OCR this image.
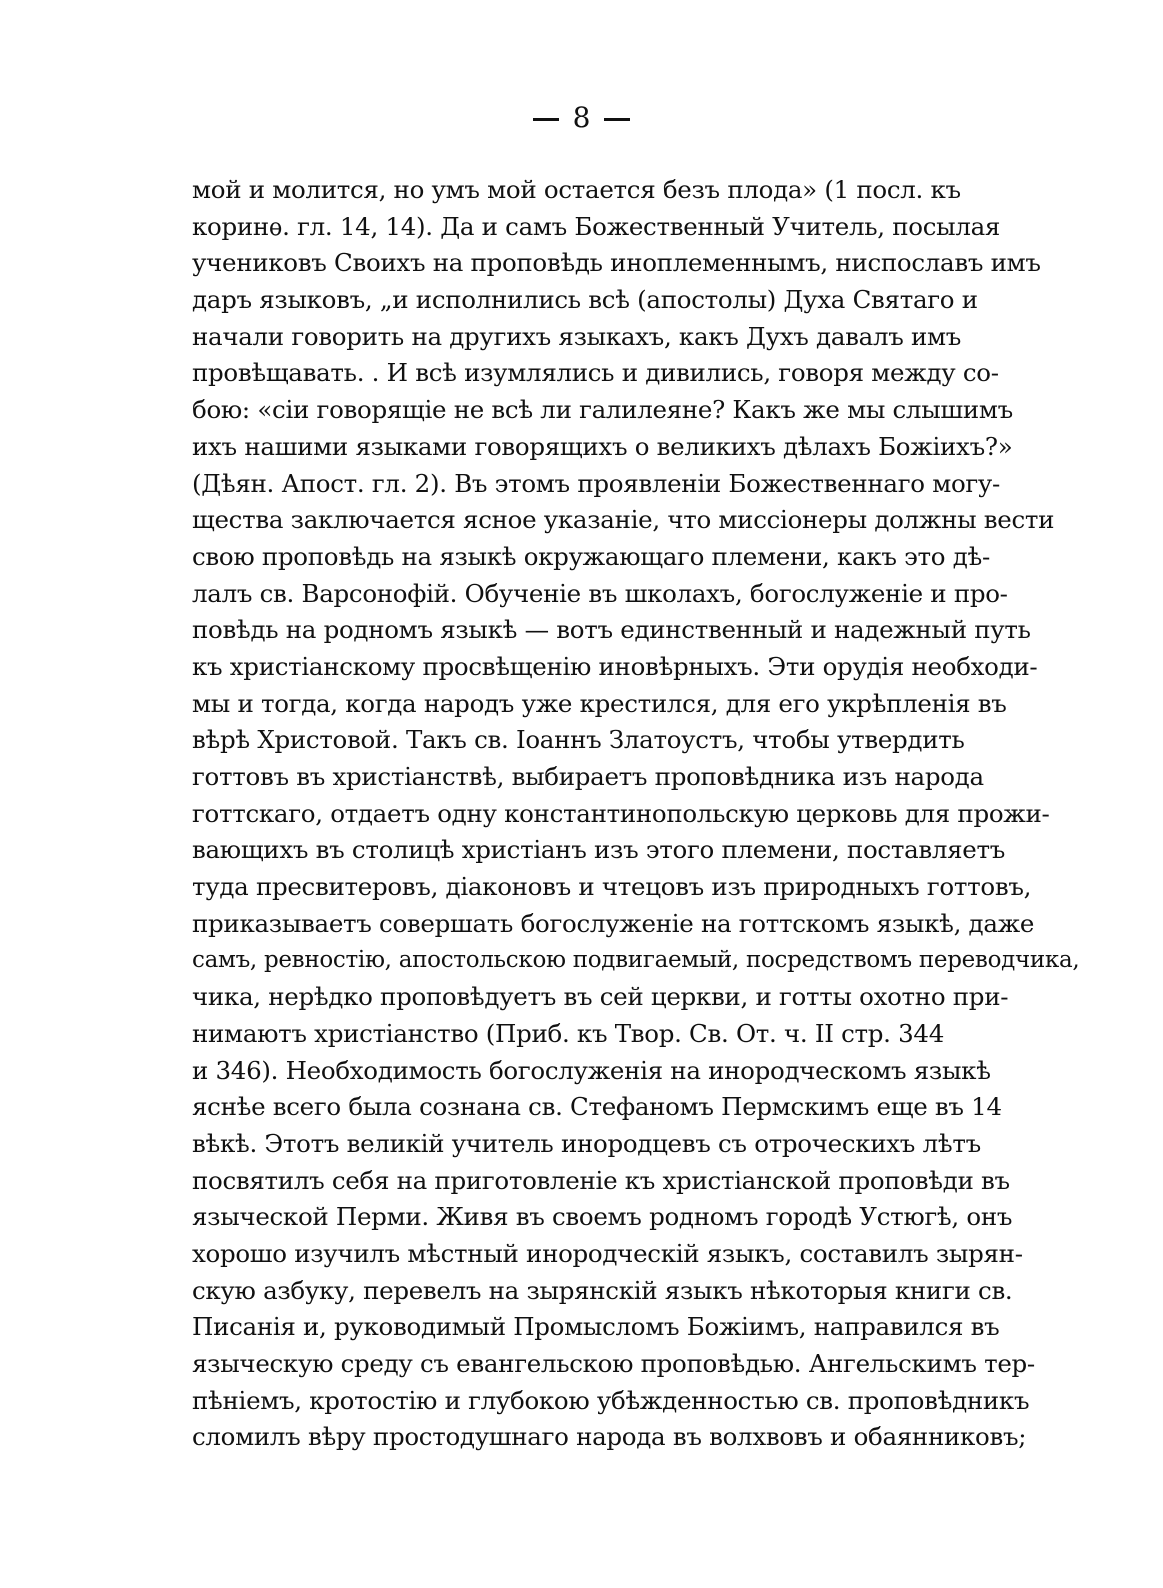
8
мой и молится, но умъ мой остается безъ плода» (1 посл. къ
коринѳ. гл. 14, 14). Да и самъ Божественный Учитель, посылая
учениковъ Своихъ на проповѣдь иноплеменнымъ, ниспославъ имъ
даръ языковъ, „и исполнились всѣ (апостолы) Духа Святаго и
начали говорить на другихъ языкахъ, какъ Духъ давалъ имъ
провѣщавать. . И всѣ изумлялись и дивились, говоря между со-
бою: «сіи говорящіе не всѣ ли галилеяне? Какъ же мы слышимъ
ихъ нашими языками говорящихъ о великихъ дѣлахъ Божіихъ?»
(Дѣян. Апост. гл. 2). Въ этомъ проявленіи Божественнаго могу-
щества заключается ясное указаніе, что миссіонеры должны вести
свою проповѣдь на языкѣ окружающаго племени, какъ это дѣ-
лалъ св. Варсонофій. Обученіе въ школахъ, богослуженіе и про-
повѣдь на родномъ языкѣ — вотъ единственный и надежный путь
къ христіанскому просвѣщенію иновѣрныхъ. Эти орудія необходи-
мы и тогда, когда народъ уже крестился, для его укрѣпленія въ
вѣрѣ Христовой. Такъ св. Іоаннъ Златоустъ, чтобы утвердить
готтовъ въ христіанствѣ, выбираетъ проповѣдника изъ народа
готтскаго, отдаетъ одну константинопольскую церковь для прожи-
вающихъ въ столицѣ христіанъ изъ этого племени, поставляетъ
туда пресвитеровъ, діаконовъ и чтецовъ изъ природныхъ готтовъ,
приказываетъ совершать богослуженіе на готтскомъ языкѣ, даже
самъ, ревностію, апостольскою подвигаемый, посредствомъ переводчика,
чика, нерѣдко проповѣдуетъ въ сей церкви, и готты охотно при-
нимаютъ христіанство (Приб. къ Твор. Св. От. ч. II стр. 344
и 346). Необходимость богослуженія на инородческомъ языкѣ
яснѣе всего была сознана св. Стефаномъ Пермскимъ еще въ 14
вѣкѣ. Этотъ великій учитель инородцевъ съ отроческихъ лѣтъ
посвятилъ себя на приготовленіе къ христіанской проповѣди въ
языческой Перми. Живя въ своемъ родномъ городѣ Устюгѣ, онъ
хорошо изучилъ мѣстный инородческій языкъ, составилъ зырян-
скую азбуку, перевелъ на зырянскій языкъ нѣкоторыя книги св.
Писанія и, руководимый Промысломъ Божіимъ, направился въ
языческую среду съ евангельскою проповѣдью. Ангельскимъ тер-
пѣніемъ, кротостію и глубокою убѣжденностью св. проповѣдникъ
сломилъ вѣру простодушнаго народа въ волхвовъ и обаянниковъ;
